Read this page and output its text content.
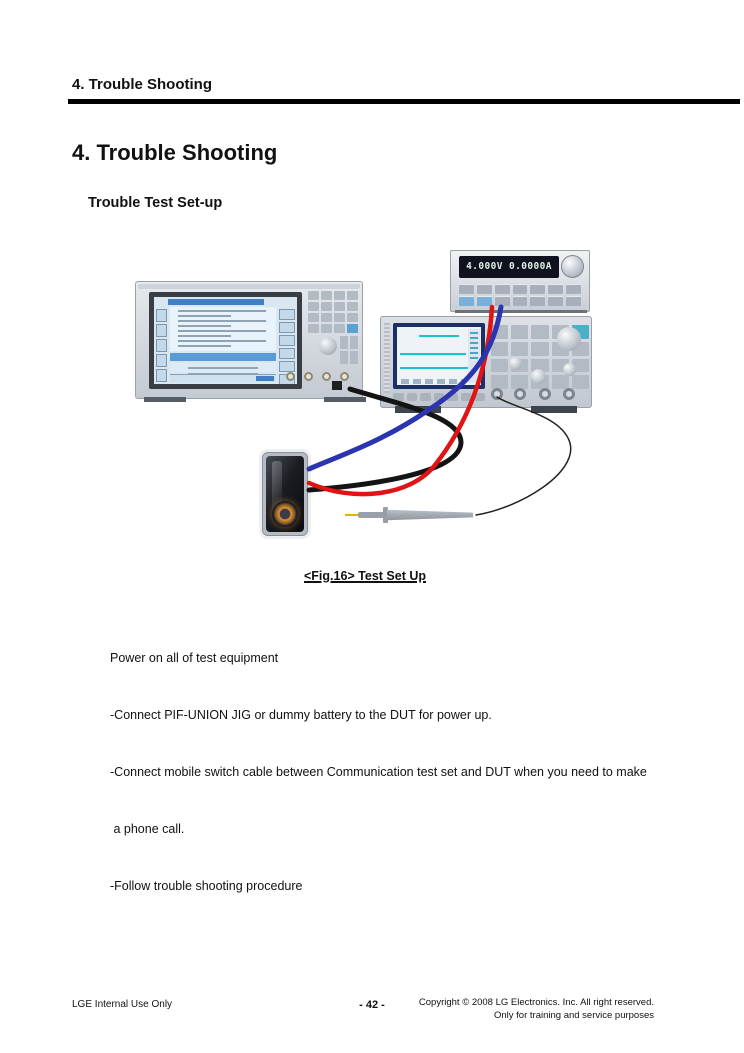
4. Trouble Shooting
4. Trouble Shooting
Trouble Test Set-up
4.000V 0.0000A
<Fig.16> Test Set Up

Power on all of test equipment

-Connect PIF-UNION JIG or dummy battery to the DUT for power up.

-Connect mobile switch cable between Communication test set and DUT when you need to make

a phone call.

-Follow trouble shooting procedure

LGE Internal Use Only	- 42 -	Copyright © 2008 LG Electronics. Inc. All right reserved.
Only for training and service purposes
